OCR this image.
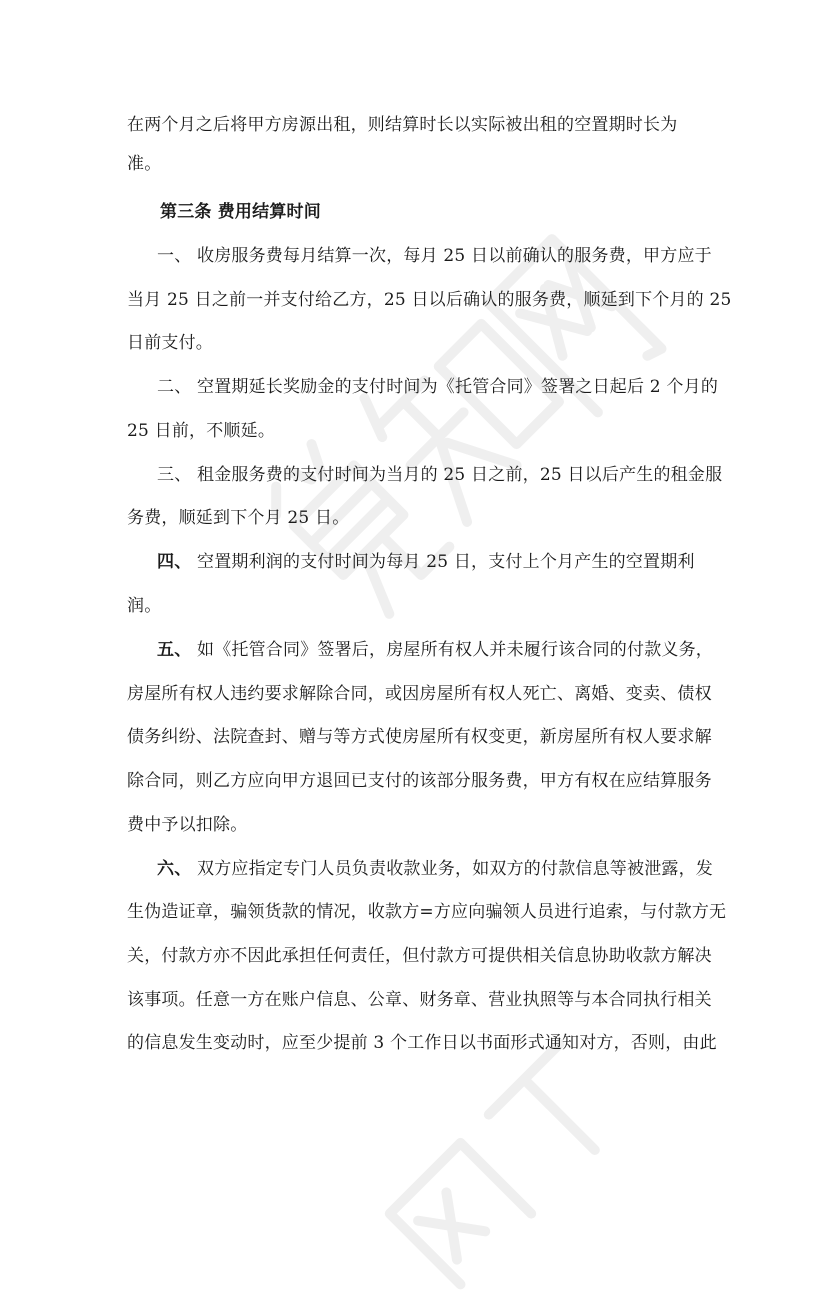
在两个月之后将甲方房源出租，则结算时长以实际被出租的空置期时长为
准。
第三条 费用结算时间
一、 收房服务费每月结算一次，每月 25 日以前确认的服务费，甲方应于
当月 25 日之前一并支付给乙方，25 日以后确认的服务费，顺延到下个月的 25
日前支付。
二、 空置期延长奖励金的支付时间为《托管合同》签署之日起后 2 个月的
25 日前，不顺延。
三、 租金服务费的支付时间为当月的 25 日之前，25 日以后产生的租金服
务费，顺延到下个月 25 日。
四、 空置期利润的支付时间为每月 25 日，支付上个月产生的空置期利
润。
五、 如《托管合同》签署后，房屋所有权人并未履行该合同的付款义务，
房屋所有权人违约要求解除合同，或因房屋所有权人死亡、离婚、变卖、债权
债务纠纷、法院查封、赠与等方式使房屋所有权变更，新房屋所有权人要求解
除合同，则乙方应向甲方退回已支付的该部分服务费，甲方有权在应结算服务
费中予以扣除。
六、 双方应指定专门人员负责收款业务，如双方的付款信息等被泄露，发
生伪造证章，骗领货款的情况，收款方=方应向骗领人员进行追索，与付款方无
关，付款方亦不因此承担任何责任，但付款方可提供相关信息协助收款方解决
该事项。任意一方在账户信息、公章、财务章、营业执照等与本合同执行相关
的信息发生变动时，应至少提前 3 个工作日以书面形式通知对方，否则，由此
